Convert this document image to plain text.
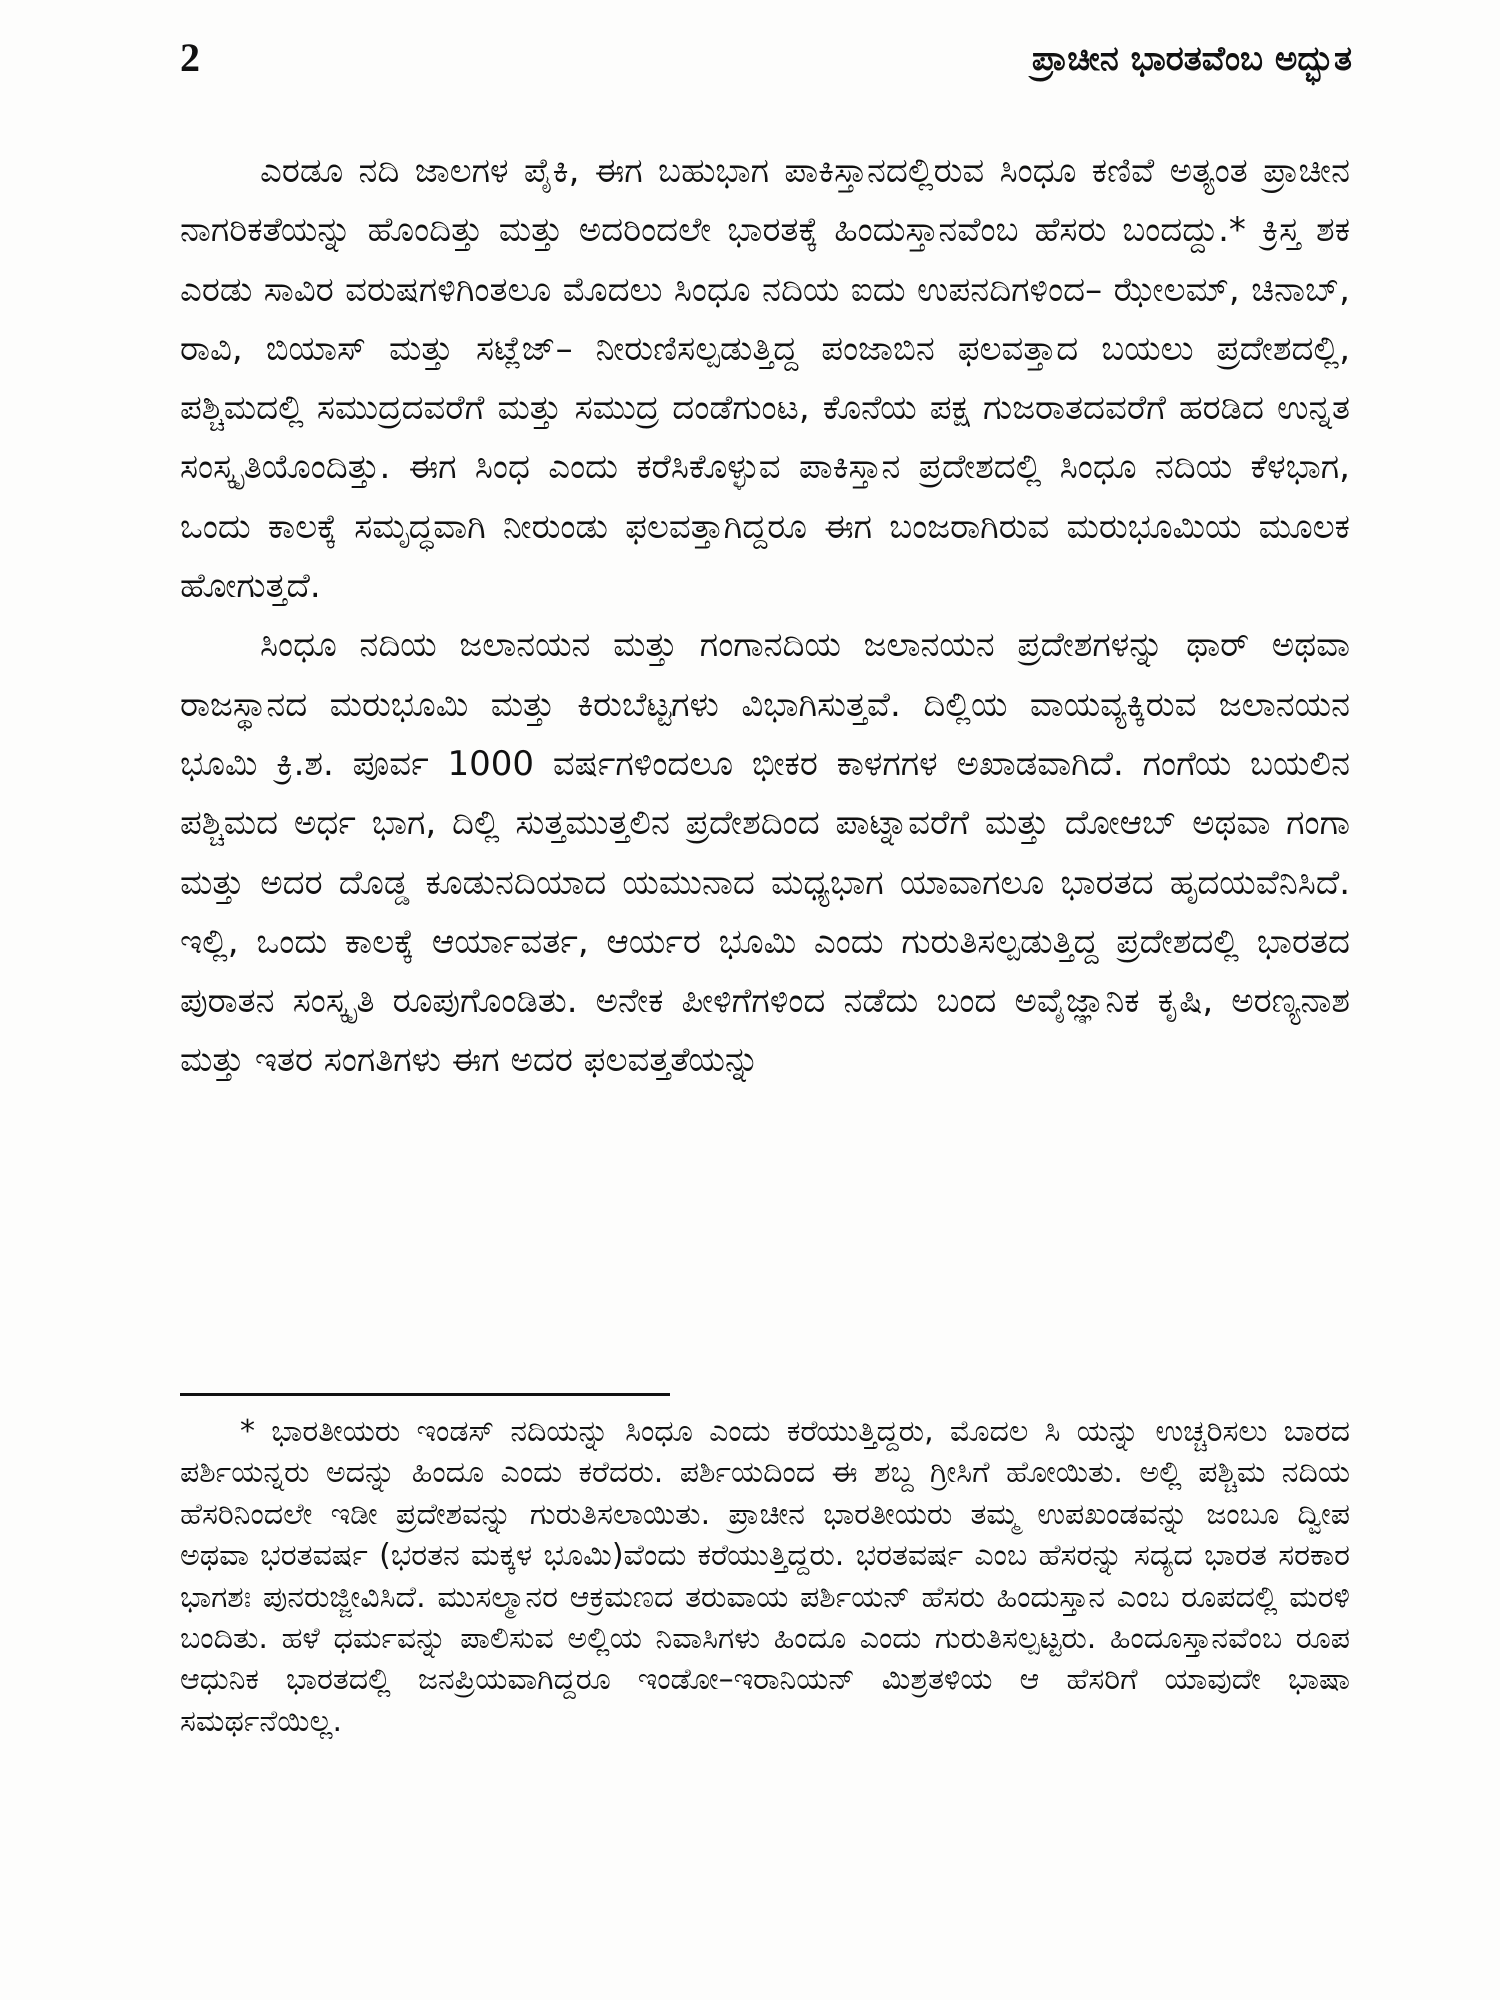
2	ಪ್ರಾಚೀನ ಭಾರತವೆಂಬ ಅದ್ಭುತ

ಎರಡೂ ನದಿ ಜಾಲಗಳ ಪೈಕಿ, ಈಗ ಬಹುಭಾಗ ಪಾಕಿಸ್ತಾನದಲ್ಲಿರುವ ಸಿಂಧೂ ಕಣಿವೆ ಅತ್ಯಂತ ಪ್ರಾಚೀನ ನಾಗರಿಕತೆಯನ್ನು ಹೊಂದಿತ್ತು ಮತ್ತು ಅದರಿಂದಲೇ ಭಾರತಕ್ಕೆ ಹಿಂದುಸ್ತಾನವೆಂಬ ಹೆಸರು ಬಂದದ್ದು.* ಕ್ರಿಸ್ತ ಶಕ ಎರಡು ಸಾವಿರ ವರುಷಗಳಿಗಿಂತಲೂ ಮೊದಲು ಸಿಂಧೂ ನದಿಯ ಐದು ಉಪನದಿಗಳಿಂದ– ಝೇಲಮ್, ಚಿನಾಬ್, ರಾವಿ, ಬಿಯಾಸ್ ಮತ್ತು ಸಟ್ಲೆಜ್– ನೀರುಣಿಸಲ್ಪಡುತ್ತಿದ್ದ ಪಂಜಾಬಿನ ಫಲವತ್ತಾದ ಬಯಲು ಪ್ರದೇಶದಲ್ಲಿ, ಪಶ್ಚಿಮದಲ್ಲಿ ಸಮುದ್ರದವರೆಗೆ ಮತ್ತು ಸಮುದ್ರ ದಂಡೆಗುಂಟ, ಕೊನೆಯ ಪಕ್ಷ ಗುಜರಾತದವರೆಗೆ ಹರಡಿದ ಉನ್ನತ ಸಂಸ್ಕೃತಿಯೊಂದಿತ್ತು. ಈಗ ಸಿಂಧ ಎಂದು ಕರೆಸಿಕೊಳ್ಳುವ ಪಾಕಿಸ್ತಾನ ಪ್ರದೇಶದಲ್ಲಿ ಸಿಂಧೂ ನದಿಯ ಕೆಳಭಾಗ, ಒಂದು ಕಾಲಕ್ಕೆ ಸಮೃದ್ಧವಾಗಿ ನೀರುಂಡು ಫಲವತ್ತಾಗಿದ್ದರೂ ಈಗ ಬಂಜರಾಗಿರುವ ಮರುಭೂಮಿಯ ಮೂಲಕ ಹೋಗುತ್ತದೆ.

ಸಿಂಧೂ ನದಿಯ ಜಲಾನಯನ ಮತ್ತು ಗಂಗಾನದಿಯ ಜಲಾನಯನ ಪ್ರದೇಶಗಳನ್ನು ಥಾರ್ ಅಥವಾ ರಾಜಸ್ಥಾನದ ಮರುಭೂಮಿ ಮತ್ತು ಕಿರುಬೆಟ್ಟಗಳು ವಿಭಾಗಿಸುತ್ತವೆ. ದಿಲ್ಲಿಯ ವಾಯವ್ಯಕ್ಕಿರುವ ಜಲಾನಯನ ಭೂಮಿ ಕ್ರಿ.ಶ. ಪೂರ್ವ 1000 ವರ್ಷಗಳಿಂದಲೂ ಭೀಕರ ಕಾಳಗಗಳ ಅಖಾಡವಾಗಿದೆ. ಗಂಗೆಯ ಬಯಲಿನ ಪಶ್ಚಿಮದ ಅರ್ಧ ಭಾಗ, ದಿಲ್ಲಿ ಸುತ್ತಮುತ್ತಲಿನ ಪ್ರದೇಶದಿಂದ ಪಾಟ್ನಾವರೆಗೆ ಮತ್ತು ದೋಆಬ್ ಅಥವಾ ಗಂಗಾ ಮತ್ತು ಅದರ ದೊಡ್ಡ ಕೂಡುನದಿಯಾದ ಯಮುನಾದ ಮಧ್ಯಭಾಗ ಯಾವಾಗಲೂ ಭಾರತದ ಹೃದಯವೆನಿಸಿದೆ. ಇಲ್ಲಿ, ಒಂದು ಕಾಲಕ್ಕೆ ಆರ್ಯಾವರ್ತ, ಆರ್ಯರ ಭೂಮಿ ಎಂದು ಗುರುತಿಸಲ್ಪಡುತ್ತಿದ್ದ ಪ್ರದೇಶದಲ್ಲಿ ಭಾರತದ ಪುರಾತನ ಸಂಸ್ಕೃತಿ ರೂಪುಗೊಂಡಿತು. ಅನೇಕ ಪೀಳಿಗೆಗಳಿಂದ ನಡೆದು ಬಂದ ಅವೈಜ್ಞಾನಿಕ ಕೃಷಿ, ಅರಣ್ಯನಾಶ ಮತ್ತು ಇತರ ಸಂಗತಿಗಳು ಈಗ ಅದರ ಫಲವತ್ತತೆಯನ್ನು

* ಭಾರತೀಯರು ಇಂಡಸ್ ನದಿಯನ್ನು ಸಿಂಧೂ ಎಂದು ಕರೆಯುತ್ತಿದ್ದರು, ಮೊದಲ ಸಿ ಯನ್ನು ಉಚ್ಚರಿಸಲು ಬಾರದ ಪರ್ಶಿಯನ್ನರು ಅದನ್ನು ಹಿಂದೂ ಎಂದು ಕರೆದರು. ಪರ್ಶಿಯದಿಂದ ಈ ಶಬ್ದ ಗ್ರೀಸಿಗೆ ಹೋಯಿತು. ಅಲ್ಲಿ ಪಶ್ಚಿಮ ನದಿಯ ಹೆಸರಿನಿಂದಲೇ ಇಡೀ ಪ್ರದೇಶವನ್ನು ಗುರುತಿಸಲಾಯಿತು. ಪ್ರಾಚೀನ ಭಾರತೀಯರು ತಮ್ಮ ಉಪಖಂಡವನ್ನು ಜಂಬೂ ದ್ವೀಪ ಅಥವಾ ಭರತವರ್ಷ (ಭರತನ ಮಕ್ಕಳ ಭೂಮಿ)ವೆಂದು ಕರೆಯುತ್ತಿದ್ದರು. ಭರತವರ್ಷ ಎಂಬ ಹೆಸರನ್ನು ಸದ್ಯದ ಭಾರತ ಸರಕಾರ ಭಾಗಶಃ ಪುನರುಜ್ಜೀವಿಸಿದೆ. ಮುಸಲ್ಮಾನರ ಆಕ್ರಮಣದ ತರುವಾಯ ಪರ್ಶಿಯನ್ ಹೆಸರು ಹಿಂದುಸ್ತಾನ ಎಂಬ ರೂಪದಲ್ಲಿ ಮರಳಿ ಬಂದಿತು. ಹಳೆ ಧರ್ಮವನ್ನು ಪಾಲಿಸುವ ಅಲ್ಲಿಯ ನಿವಾಸಿಗಳು ಹಿಂದೂ ಎಂದು ಗುರುತಿಸಲ್ಪಟ್ಟರು. ಹಿಂದೂಸ್ತಾನವೆಂಬ ರೂಪ ಆಧುನಿಕ ಭಾರತದಲ್ಲಿ ಜನಪ್ರಿಯವಾಗಿದ್ದರೂ ಇಂಡೋ–ಇರಾನಿಯನ್ ಮಿಶ್ರತಳಿಯ ಆ ಹೆಸರಿಗೆ ಯಾವುದೇ ಭಾಷಾ ಸಮರ್ಥನೆಯಿಲ್ಲ.
